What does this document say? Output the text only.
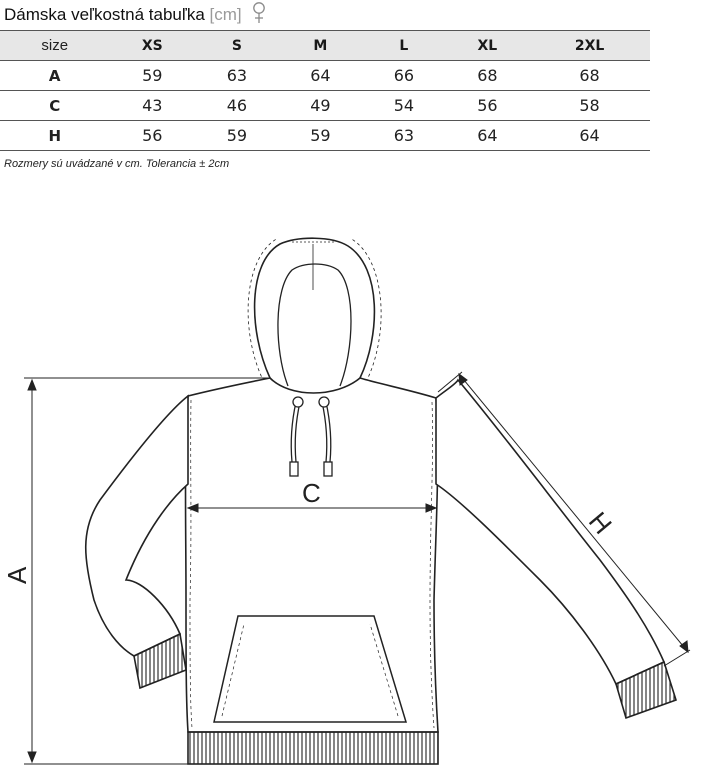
Dámska veľkostná tabuľka [cm]
size	XS	S	M	L	XL	2XL
A	59	63	64	66	68	68
C	43	46	49	54	56	58
H	56	59	59	63	64	64
Rozmery sú uvádzané v cm. Tolerancia ± 2cm
A
C
H
